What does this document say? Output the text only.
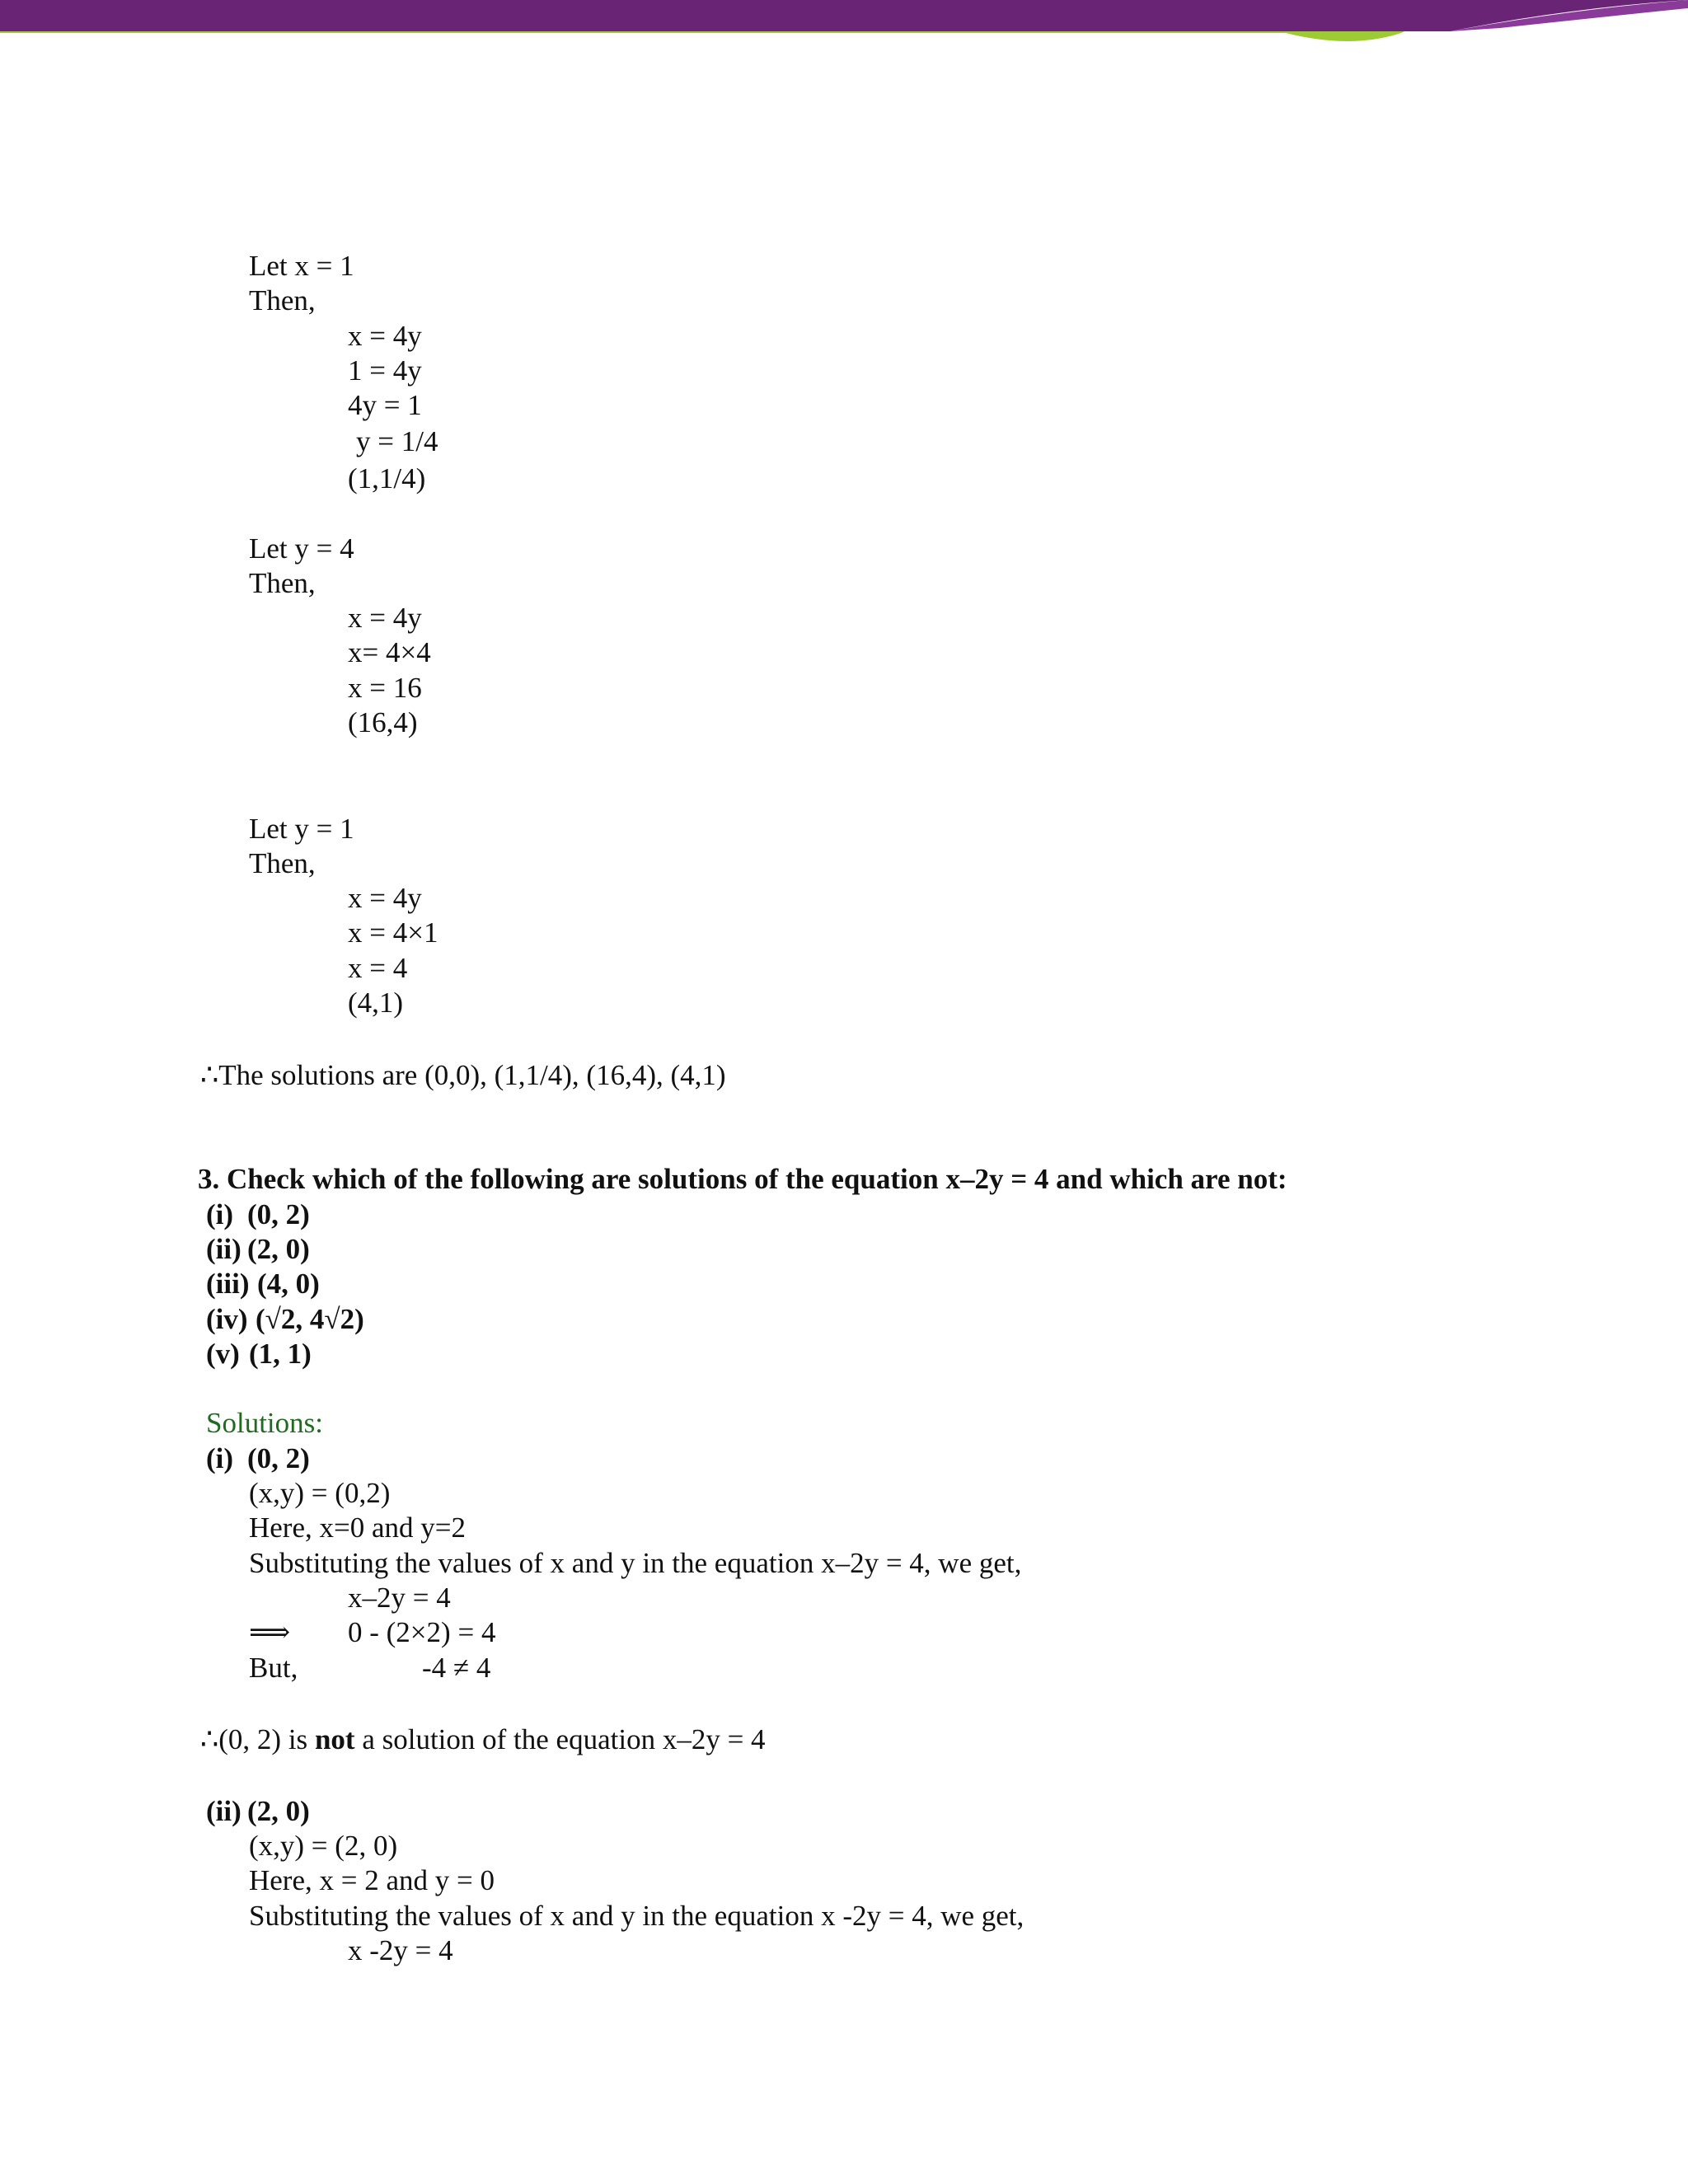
Let x = 1
Then,
x = 4y
1 = 4y
4y = 1
y = 1/4
(1,1/4)
Let y = 4
Then,
x = 4y
x= 4×4
x = 16
(16,4)
Let y = 1
Then,
x = 4y
x = 4×1
x = 4
(4,1)
∴The solutions are (0,0), (1,1/4), (16,4), (4,1)
3. Check which of the following are solutions of the equation x–2y = 4 and which are not:
(i) (0, 2)
(ii) (2, 0)
(iii) (4, 0)
(iv) (√2, 4√2)
(v) (1, 1)
Solutions:
(i) (0, 2)
(x,y) = (0,2)
Here, x=0 and y=2
Substituting the values of x and y in the equation x–2y = 4, we get,
x–2y = 4
⟹ 0 - (2×2) = 4
But,	-4 ≠ 4
∴(0, 2) is not a solution of the equation x–2y = 4
(ii) (2, 0)
(x,y) = (2, 0)
Here, x = 2 and y = 0
Substituting the values of x and y in the equation x -2y = 4, we get,
x -2y = 4
